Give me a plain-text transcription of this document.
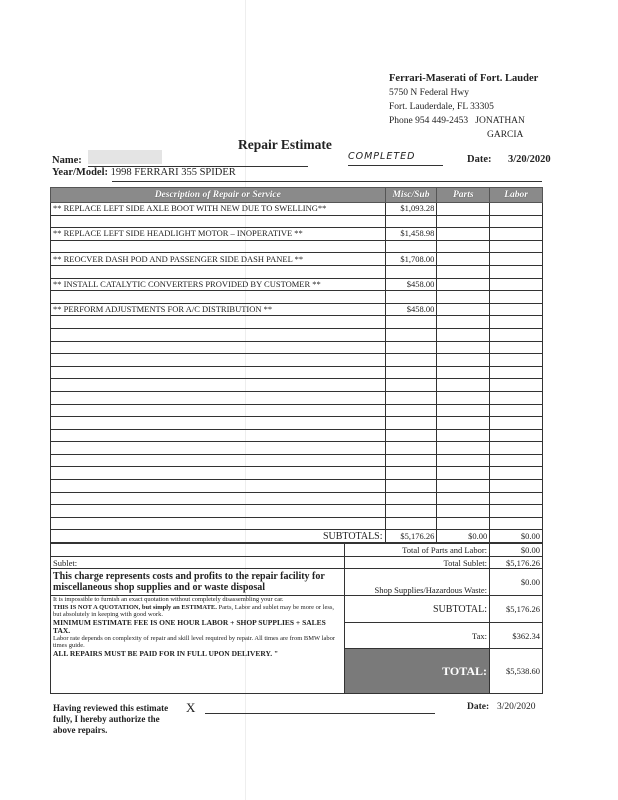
Ferrari-Maserati of Fort. Lauder
5750 N Federal Hwy
Fort. Lauderdale, FL 33305
Phone 954 449-2453 JONATHAN
GARCIA
Repair Estimate
Name:	COMPLETED	Date: 3/20/2020
Year/Model: 1998 FERRARI 355 SPIDER
Description of Repair or Service	Misc/Sub	Parts	Labor
** REPLACE LEFT SIDE AXLE BOOT WITH NEW DUE TO SWELLING**	$1,093.28		

** REPLACE LEFT SIDE HEADLIGHT MOTOR – INOPERATIVE **	$1,458.98		

** REOCVER DASH POD AND PASSENGER SIDE DASH PANEL **	$1,708.00		

** INSTALL CATALYTIC CONVERTERS PROVIDED BY CUSTOMER **	$458.00		

** PERFORM ADJUSTMENTS FOR A/C DISTRIBUTION **	$458.00		

SUBTOTALS:	$5,176.26	$0.00	$0.00
	Total of Parts and Labor:	$0.00
Sublet:	Total Sublet:	$5,176.26
This charge represents costs and profits to the repair facility for miscellaneous shop supplies and or waste disposal	Shop Supplies/Hazardous Waste:	$0.00

It is impossible to furnish an exact quotation without completely disassembling your car.
THIS IS NOT A QUOTATION, but simply an ESTIMATE. Parts, Labor and sublet may be more or less, but absolutely in keeping with good work.
MINIMUM ESTIMATE FEE IS ONE HOUR LABOR + SHOP SUPPLIES + SALES TAX.
Labor rate depends on complexity of repair and skill level required by repair. All times are from BMW labor times guide.
ALL REPAIRS MUST BE PAID FOR IN FULL UPON DELIVERY. "	SUBTOTAL:	$5,176.26
	Tax:	$362.34
	TOTAL:	$5,538.60
Having reviewed this estimate fully, I hereby authorize the above repairs.
X	Date: 3/20/2020
